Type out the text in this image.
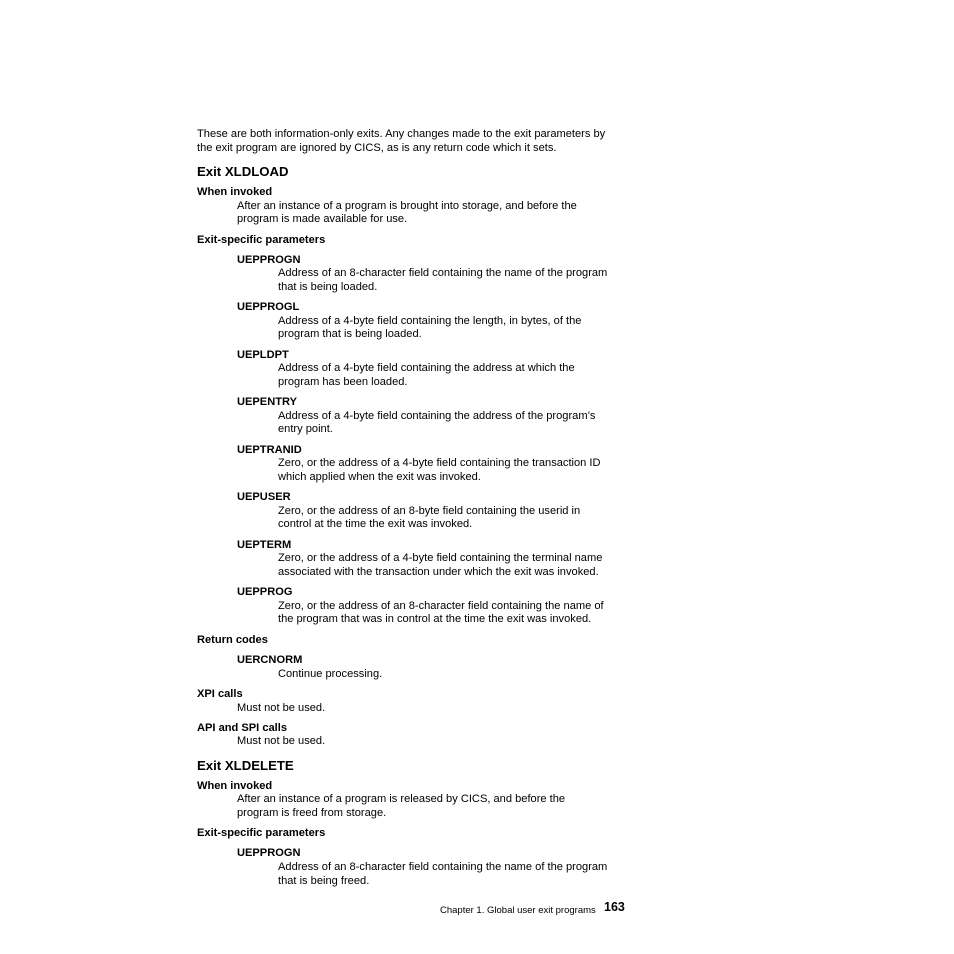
These are both information-only exits. Any changes made to the exit parameters by
the exit program are ignored by CICS, as is any return code which it sets.
Exit XLDLOAD
When invoked
After an instance of a program is brought into storage, and before the
program is made available for use.
Exit-specific parameters
UEPPROGN
Address of an 8-character field containing the name of the program
that is being loaded.
UEPPROGL
Address of a 4-byte field containing the length, in bytes, of the
program that is being loaded.
UEPLDPT
Address of a 4-byte field containing the address at which the
program has been loaded.
UEPENTRY
Address of a 4-byte field containing the address of the program’s
entry point.
UEPTRANID
Zero, or the address of a 4-byte field containing the transaction ID
which applied when the exit was invoked.
UEPUSER
Zero, or the address of an 8-byte field containing the userid in
control at the time the exit was invoked.
UEPTERM
Zero, or the address of a 4-byte field containing the terminal name
associated with the transaction under which the exit was invoked.
UEPPROG
Zero, or the address of an 8-character field containing the name of
the program that was in control at the time the exit was invoked.
Return codes
UERCNORM
Continue processing.
XPI calls
Must not be used.
API and SPI calls
Must not be used.
Exit XLDELETE
When invoked
After an instance of a program is released by CICS, and before the
program is freed from storage.
Exit-specific parameters
UEPPROGN
Address of an 8-character field containing the name of the program
that is being freed.
Chapter 1. Global user exit programs 163
